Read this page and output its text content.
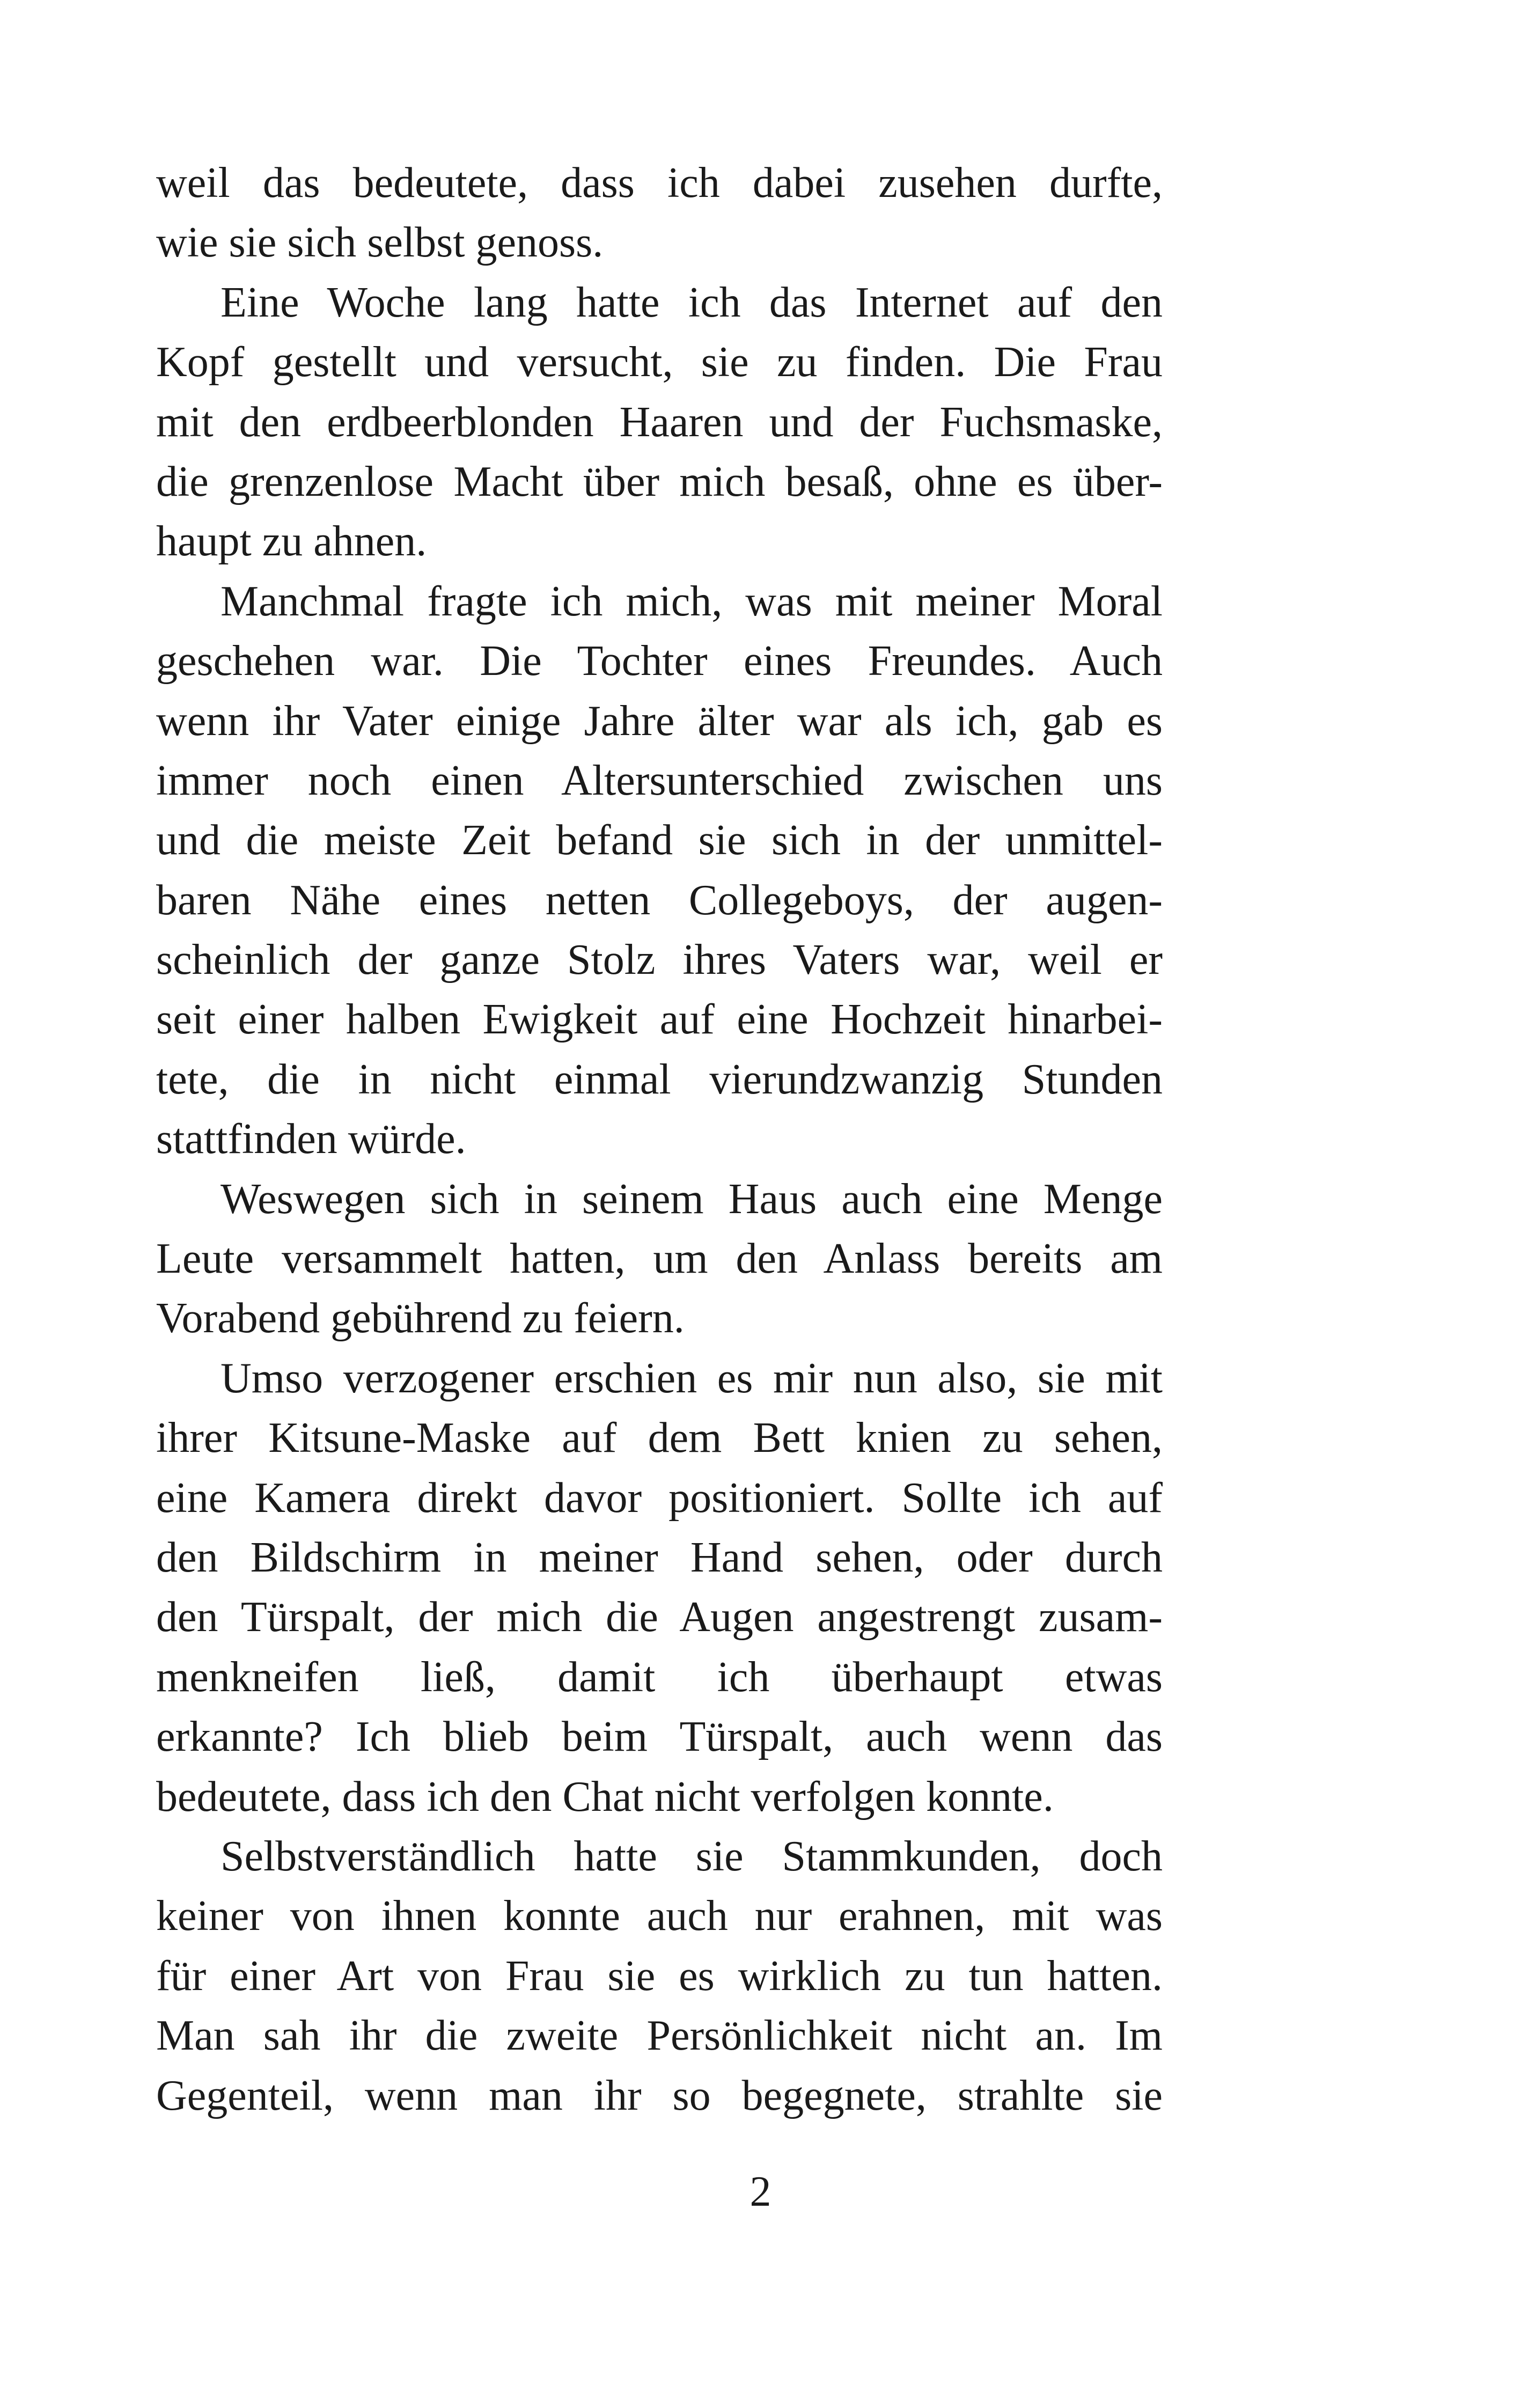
weil das bedeutete, dass ich dabei zusehen durfte,
wie sie sich selbst genoss.
Eine Woche lang hatte ich das Internet auf den
Kopf gestellt und versucht, sie zu finden. Die Frau
mit den erdbeerblonden Haaren und der Fuchsmaske,
die grenzenlose Macht über mich besaß, ohne es über-
haupt zu ahnen.
Manchmal fragte ich mich, was mit meiner Moral
geschehen war. Die Tochter eines Freundes. Auch
wenn ihr Vater einige Jahre älter war als ich, gab es
immer noch einen Altersunterschied zwischen uns
und die meiste Zeit befand sie sich in der unmittel-
baren Nähe eines netten Collegeboys, der augen-
scheinlich der ganze Stolz ihres Vaters war, weil er
seit einer halben Ewigkeit auf eine Hochzeit hinarbei-
tete, die in nicht einmal vierundzwanzig Stunden
stattfinden würde.
Weswegen sich in seinem Haus auch eine Menge
Leute versammelt hatten, um den Anlass bereits am
Vorabend gebührend zu feiern.
Umso verzogener erschien es mir nun also, sie mit
ihrer Kitsune-Maske auf dem Bett knien zu sehen,
eine Kamera direkt davor positioniert. Sollte ich auf
den Bildschirm in meiner Hand sehen, oder durch
den Türspalt, der mich die Augen angestrengt zusam-
menkneifen ließ, damit ich überhaupt etwas
erkannte? Ich blieb beim Türspalt, auch wenn das
bedeutete, dass ich den Chat nicht verfolgen konnte.
Selbstverständlich hatte sie Stammkunden, doch
keiner von ihnen konnte auch nur erahnen, mit was
für einer Art von Frau sie es wirklich zu tun hatten.
Man sah ihr die zweite Persönlichkeit nicht an. Im
Gegenteil, wenn man ihr so begegnete, strahlte sie
2
